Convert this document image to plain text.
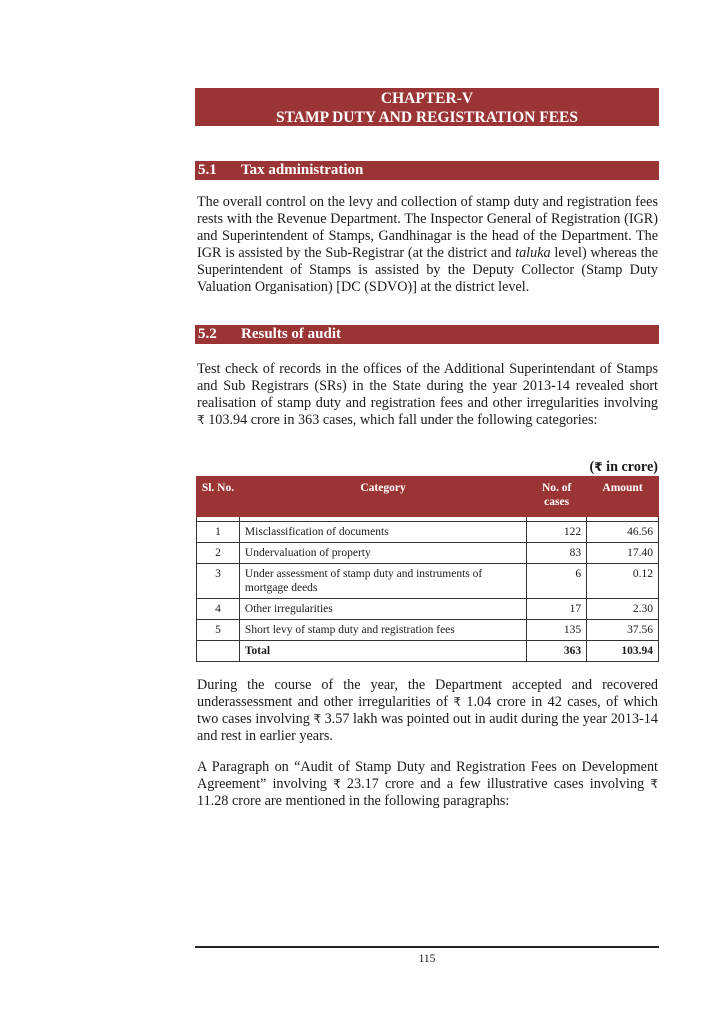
CHAPTER-V
STAMP DUTY AND REGISTRATION FEES
5.1 Tax administration

The overall control on the levy and collection of stamp duty and registration fees rests with the Revenue Department. The Inspector General of Registration (IGR) and Superintendent of Stamps, Gandhinagar is the head of the Department. The IGR is assisted by the Sub-Registrar (at the district and taluka level) whereas the Superintendent of Stamps is assisted by the Deputy Collector (Stamp Duty Valuation Organisation) [DC (SDVO)] at the district level.

5.2 Results of audit

Test check of records in the offices of the Additional Superintendant of Stamps and Sub Registrars (SRs) in the State during the year 2013-14 revealed short realisation of stamp duty and registration fees and other irregularities involving ₹ 103.94 crore in 363 cases, which fall under the following categories:

(₹ in crore)
Sl. No.	Category	No. of cases	Amount

1	Misclassification of documents	122	46.56
2	Undervaluation of property	83	17.40
3	Under assessment of stamp duty and instruments of mortgage deeds	6	0.12
4	Other irregularities	17	2.30
5	Short levy of stamp duty and registration fees	135	37.56
	Total	363	103.94

During the course of the year, the Department accepted and recovered underassessment and other irregularities of ₹ 1.04 crore in 42 cases, of which two cases involving ₹ 3.57 lakh was pointed out in audit during the year 2013-14 and rest in earlier years.

A Paragraph on “Audit of Stamp Duty and Registration Fees on Development Agreement” involving ₹ 23.17 crore and a few illustrative cases involving ₹ 11.28 crore are mentioned in the following paragraphs:

115
